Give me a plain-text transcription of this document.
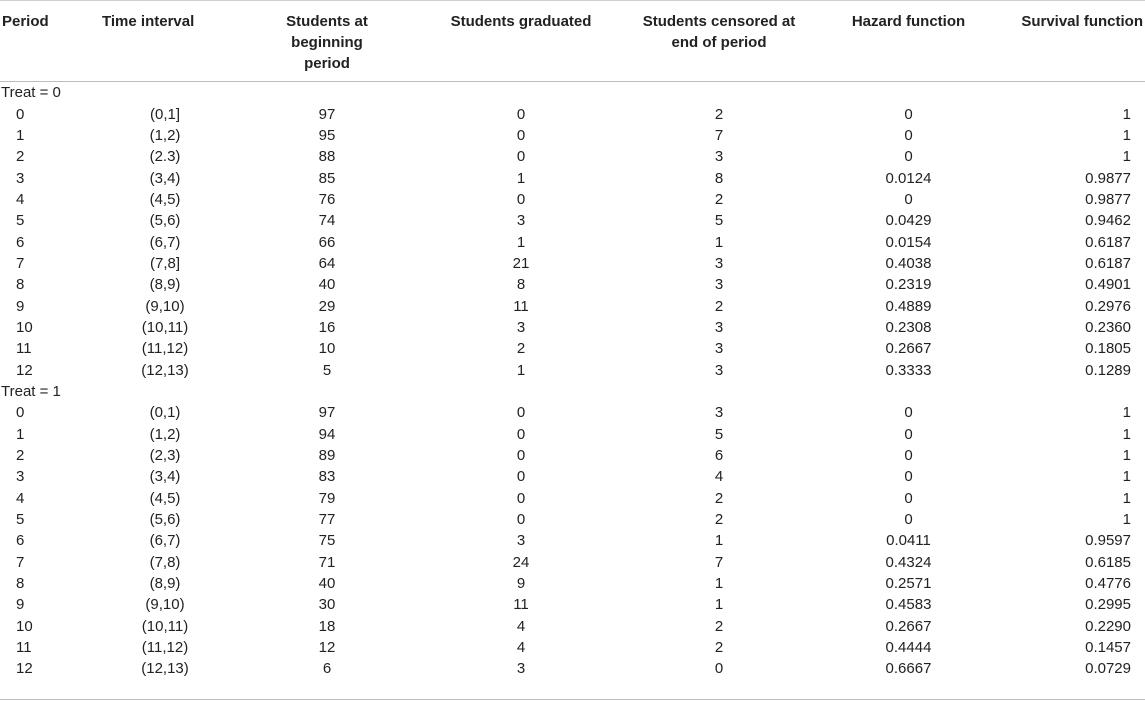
Period	Time interval	Students at beginning period	Students graduated	Students censored at end of period	Hazard function	Survival function
Treat = 0						
0	(0,1]	97	0	2	0	1
1	(1,2)	95	0	7	0	1
2	(2.3)	88	0	3	0	1
3	(3,4)	85	1	8	0.0124	0.9877
4	(4,5)	76	0	2	0	0.9877
5	(5,6)	74	3	5	0.0429	0.9462
6	(6,7)	66	1	1	0.0154	0.6187
7	(7,8]	64	21	3	0.4038	0.6187
8	(8,9)	40	8	3	0.2319	0.4901
9	(9,10)	29	11	2	0.4889	0.2976
10	(10,11)	16	3	3	0.2308	0.2360
11	(11,12)	10	2	3	0.2667	0.1805
12	(12,13)	5	1	3	0.3333	0.1289
Treat = 1						
0	(0,1)	97	0	3	0	1
1	(1,2)	94	0	5	0	1
2	(2,3)	89	0	6	0	1
3	(3,4)	83	0	4	0	1
4	(4,5)	79	0	2	0	1
5	(5,6)	77	0	2	0	1
6	(6,7)	75	3	1	0.0411	0.9597
7	(7,8)	71	24	7	0.4324	0.6185
8	(8,9)	40	9	1	0.2571	0.4776
9	(9,10)	30	11	1	0.4583	0.2995
10	(10,11)	18	4	2	0.2667	0.2290
11	(11,12)	12	4	2	0.4444	0.1457
12	(12,13)	6	3	0	0.6667	0.0729
